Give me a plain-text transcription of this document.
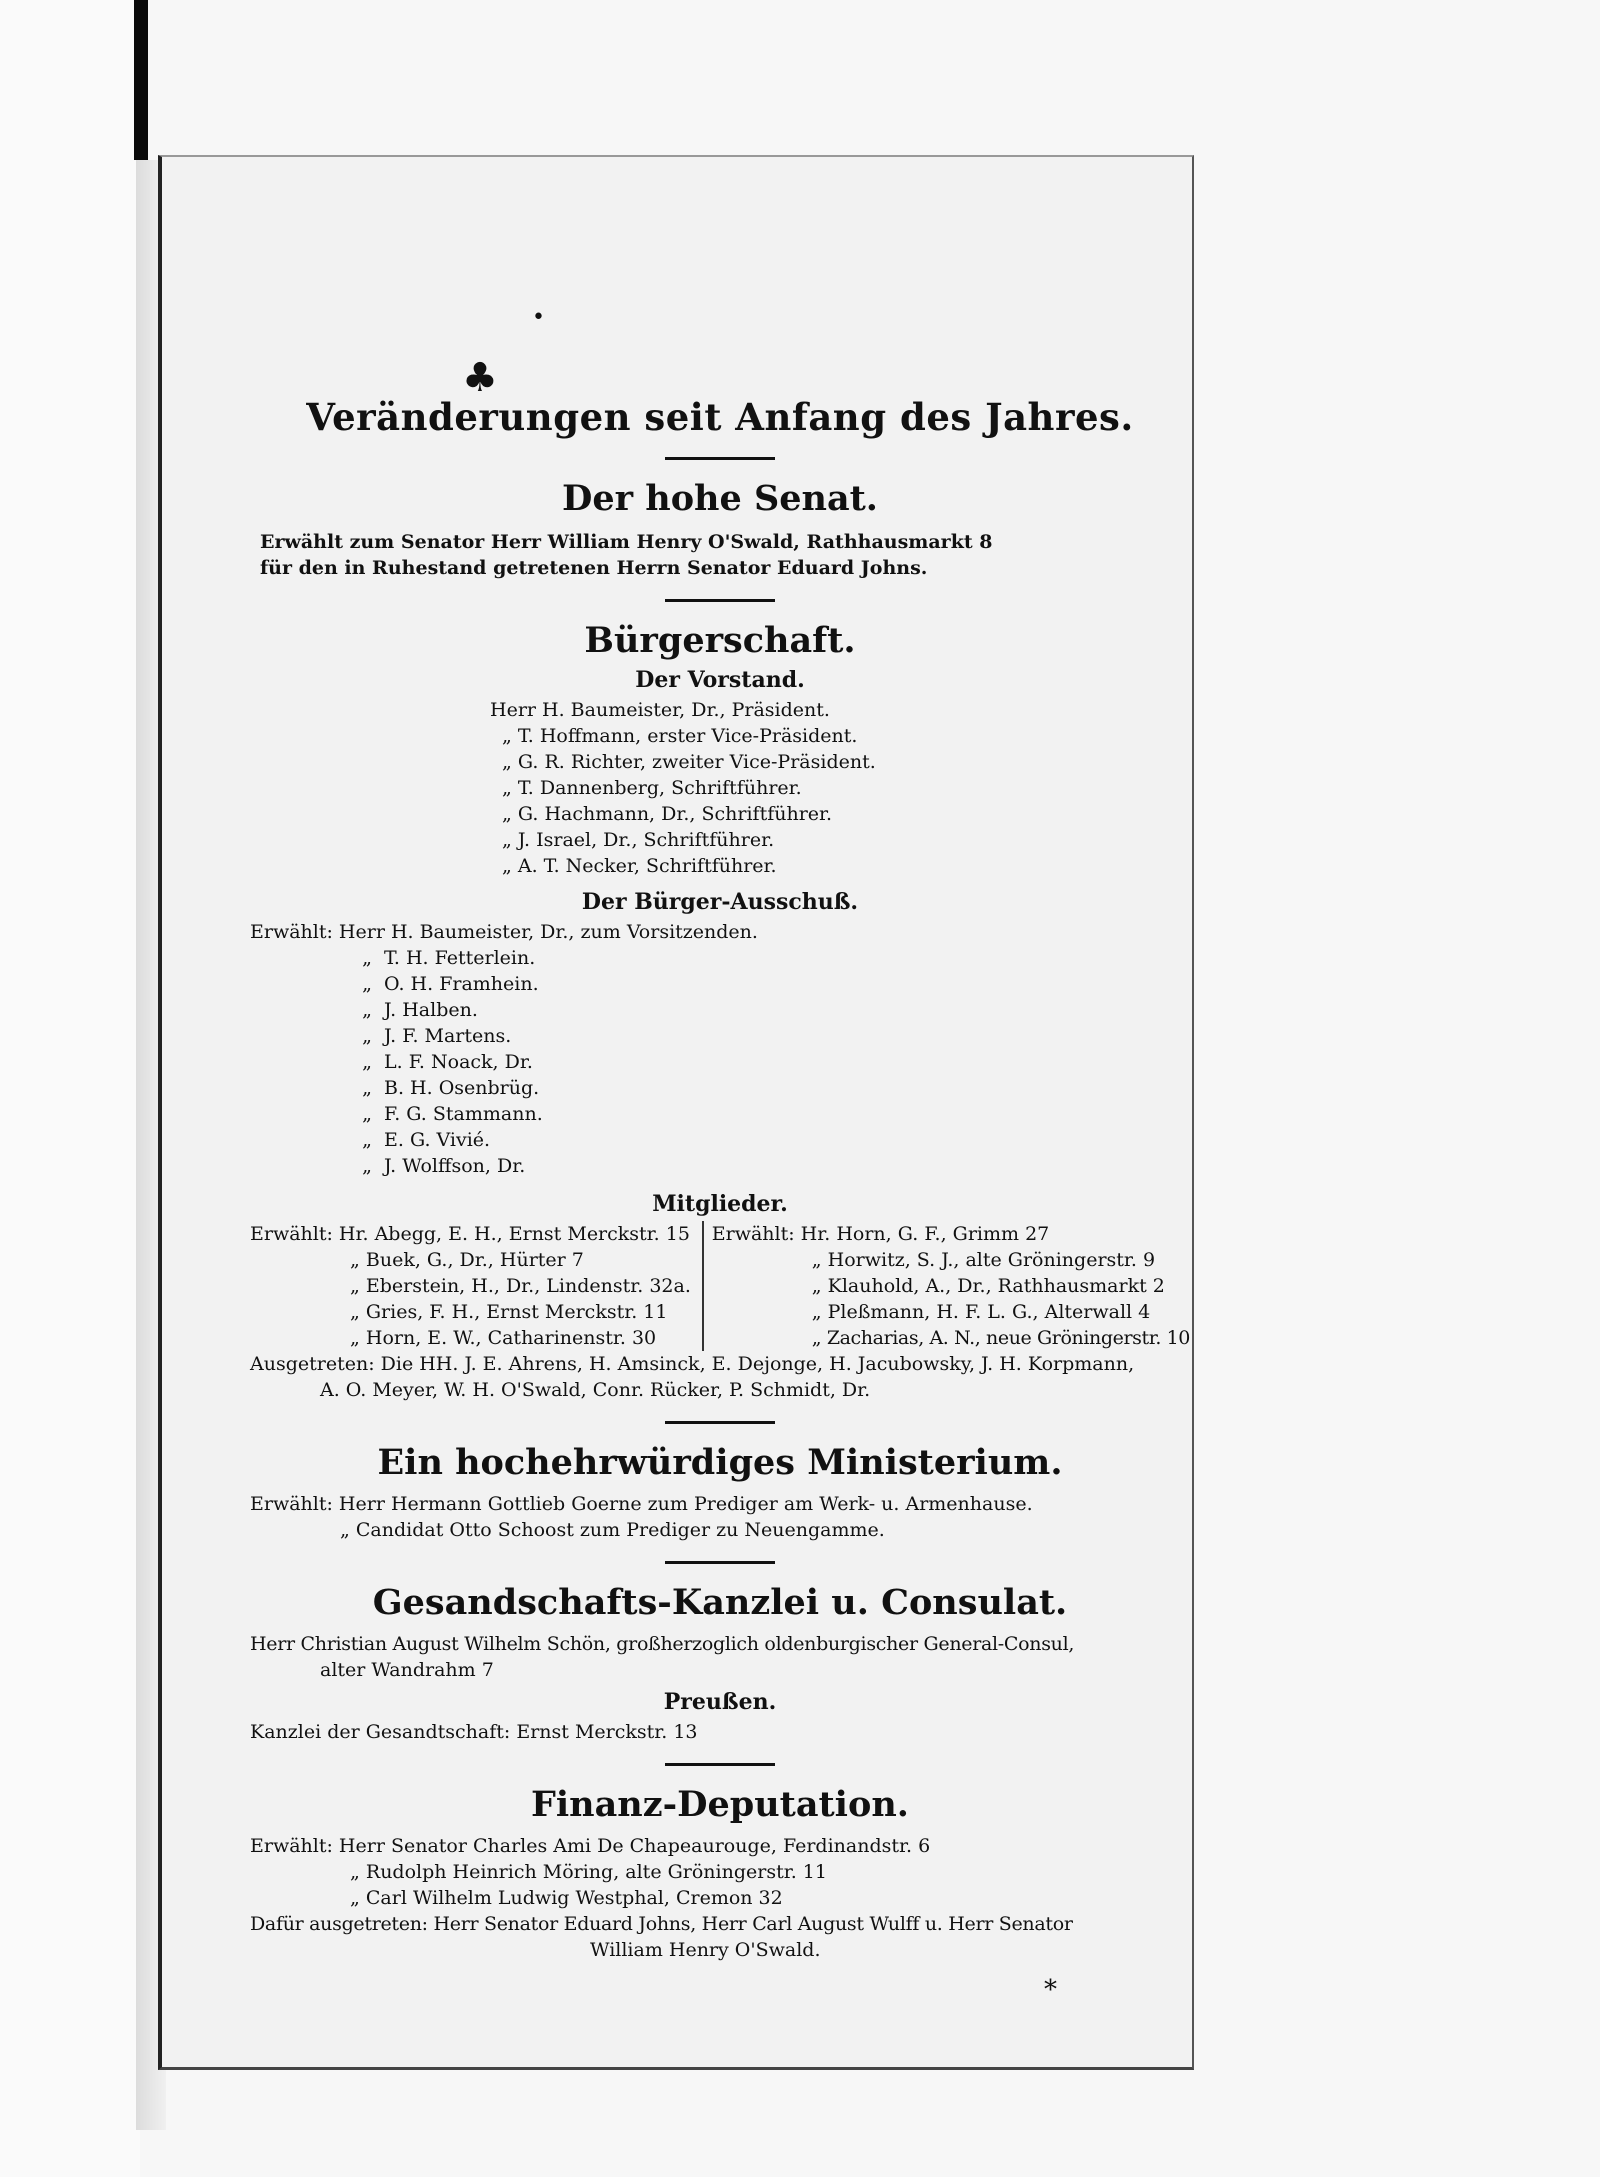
•
♣
Veränderungen seit Anfang des Jahres.
Der hohe Senat.
Erwählt zum Senator Herr William Henry O'Swald, Rathhausmarkt 8
für den in Ruhestand getretenen Herrn Senator Eduard Johns.
Bürgerschaft.
Der Vorstand.
Herr H. Baumeister, Dr., Präsident.
„ T. Hoffmann, erster Vice-Präsident.
„ G. R. Richter, zweiter Vice-Präsident.
„ T. Dannenberg, Schriftführer.
„ G. Hachmann, Dr., Schriftführer.
„ J. Israel, Dr., Schriftführer.
„ A. T. Necker, Schriftführer.
Der Bürger-Ausschuß.
Erwählt: Herr H. Baumeister, Dr., zum Vorsitzenden.
„ T. H. Fetterlein.
„ O. H. Framhein.
„ J. Halben.
„ J. F. Martens.
„ L. F. Noack, Dr.
„ B. H. Osenbrüg.
„ F. G. Stammann.
„ E. G. Vivié.
„ J. Wolffson, Dr.
Mitglieder.
Erwählt: Hr. Abegg, E. H., Ernst Merckstr. 15
„ Buek, G., Dr., Hürter 7
„ Eberstein, H., Dr., Lindenstr. 32a.
„ Gries, F. H., Ernst Merckstr. 11
„ Horn, E. W., Catharinenstr. 30
Erwählt: Hr. Horn, G. F., Grimm 27
„ Horwitz, S. J., alte Gröningerstr. 9
„ Klauhold, A., Dr., Rathhausmarkt 2
„ Pleßmann, H. F. L. G., Alterwall 4
„ Zacharias, A. N., neue Gröningerstr. 10
Ausgetreten: Die HH. J. E. Ahrens, H. Amsinck, E. Dejonge, H. Jacubowsky, J. H. Korpmann,
A. O. Meyer, W. H. O'Swald, Conr. Rücker, P. Schmidt, Dr.
Ein hochehrwürdiges Ministerium.
Erwählt: Herr Hermann Gottlieb Goerne zum Prediger am Werk- u. Armenhause.
„ Candidat Otto Schoost zum Prediger zu Neuengamme.
Gesandschafts-Kanzlei u. Consulat.
Herr Christian August Wilhelm Schön, großherzoglich oldenburgischer General-Consul,
alter Wandrahm 7
Preußen.
Kanzlei der Gesandtschaft: Ernst Merckstr. 13
Finanz-Deputation.
Erwählt: Herr Senator Charles Ami De Chapeaurouge, Ferdinandstr. 6
„ Rudolph Heinrich Möring, alte Gröningerstr. 11
„ Carl Wilhelm Ludwig Westphal, Cremon 32
Dafür ausgetreten: Herr Senator Eduard Johns, Herr Carl August Wulff u. Herr Senator
William Henry O'Swald.
*
